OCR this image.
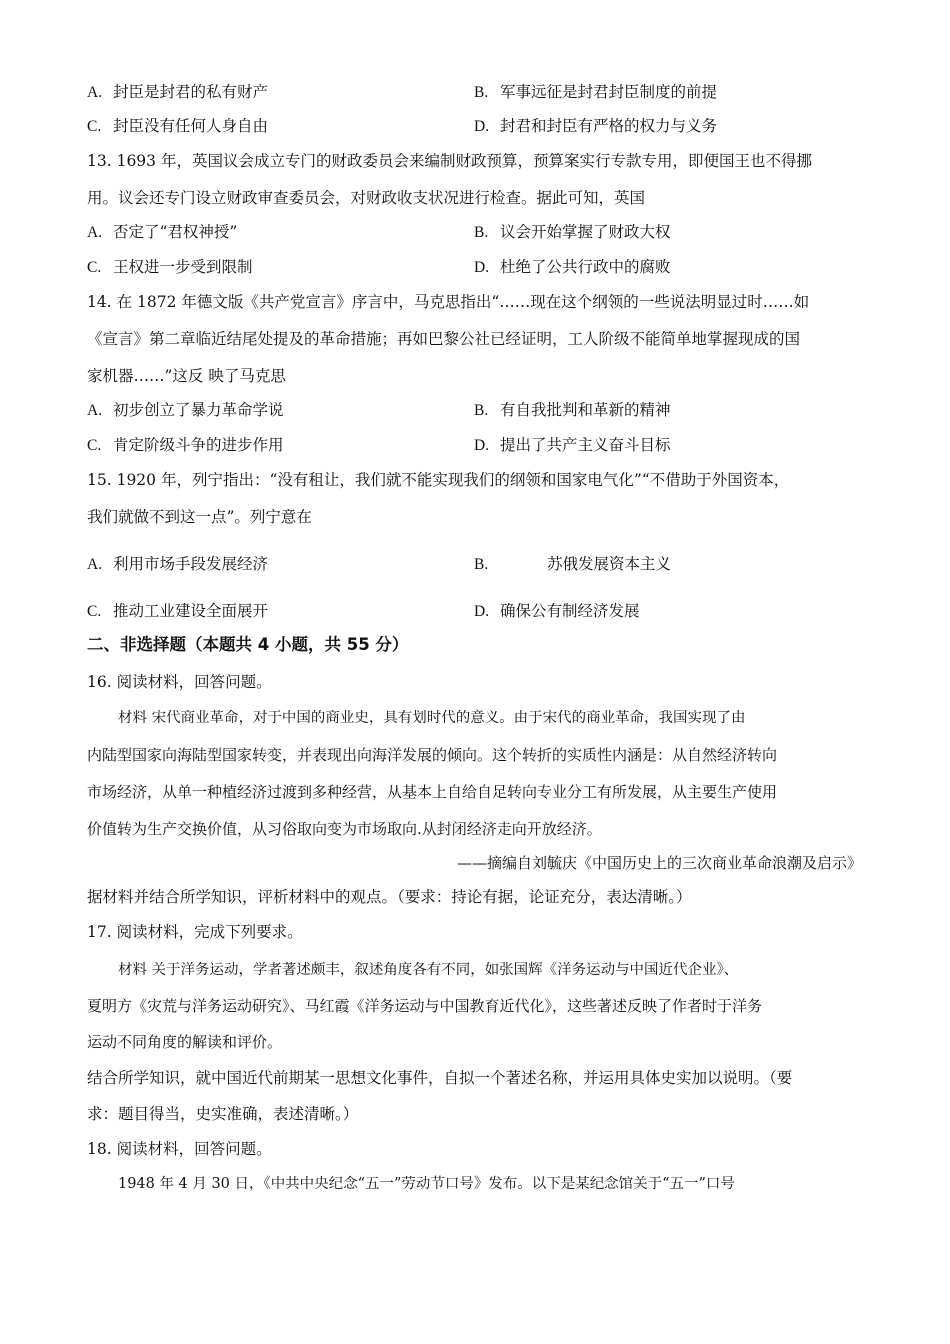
A. 封臣是封君的私有财产	B. 军事远征是封君封臣制度的前提
C. 封臣没有任何人身自由	D. 封君和封臣有严格的权力与义务
13. 1693 年，英国议会成立专门的财政委员会来编制财政预算，预算案实行专款专用，即便国王也不得挪
用。议会还专门设立财政审查委员会，对财政收支状况进行检查。据此可知，英国
A. 否定了“君权神授”	B. 议会开始掌握了财政大权
C. 王权进一步受到限制	D. 杜绝了公共行政中的腐败
14. 在 1872 年德文版《共产党宣言》序言中，马克思指出“……现在这个纲领的一些说法明显过时……如
《宣言》第二章临近结尾处提及的革命措施；再如巴黎公社已经证明，工人阶级不能简单地掌握现成的国
家机器……”这反 映了马克思
A. 初步创立了暴力革命学说	B. 有自我批判和革新的精神
C. 肯定阶级斗争的进步作用	D. 提出了共产主义奋斗目标
15. 1920 年，列宁指出：“没有租让，我们就不能实现我们的纲领和国家电气化”“不借助于外国资本，
我们就做不到这一点”。列宁意在
A. 利用市场手段发展经济	B.	苏俄发展资本主义
C. 推动工业建设全面展开	D. 确保公有制经济发展
二、非选择题（本题共 4 小题，共 55 分）
16. 阅读材料，回答问题。
材料 宋代商业革命，对于中国的商业史，具有划时代的意义。由于宋代的商业革命，我国实现了由
内陆型国家向海陆型国家转变，并表现出向海洋发展的倾向。这个转折的实质性内涵是：从自然经济转向
市场经济，从单一种植经济过渡到多种经营，从基本上自给自足转向专业分工有所发展，从主要生产使用
价值转为生产交换价值，从习俗取向变为市场取向.从封闭经济走向开放经济。
——摘编自刘毓庆《中国历史上的三次商业革命浪潮及启示》
据材料并结合所学知识，评析材料中的观点。（要求：持论有据，论证充分，表达清晰。）
17. 阅读材料，完成下列要求。
材料 关于洋务运动，学者著述颇丰，叙述角度各有不同，如张国辉《洋务运动与中国近代企业》、
夏明方《灾荒与洋务运动研究》、马红霞《洋务运动与中国教育近代化》，这些著述反映了作者时于洋务
运动不同角度的解读和评价。
结合所学知识，就中国近代前期某一思想文化事件，自拟一个著述名称，并运用具体史实加以说明。（要
求：题目得当，史实准确，表述清晰。）
18. 阅读材料，回答问题。
1948 年 4 月 30 日，《中共中央纪念“五一”劳动节口号》发布。以下是某纪念馆关于“五一”口号
